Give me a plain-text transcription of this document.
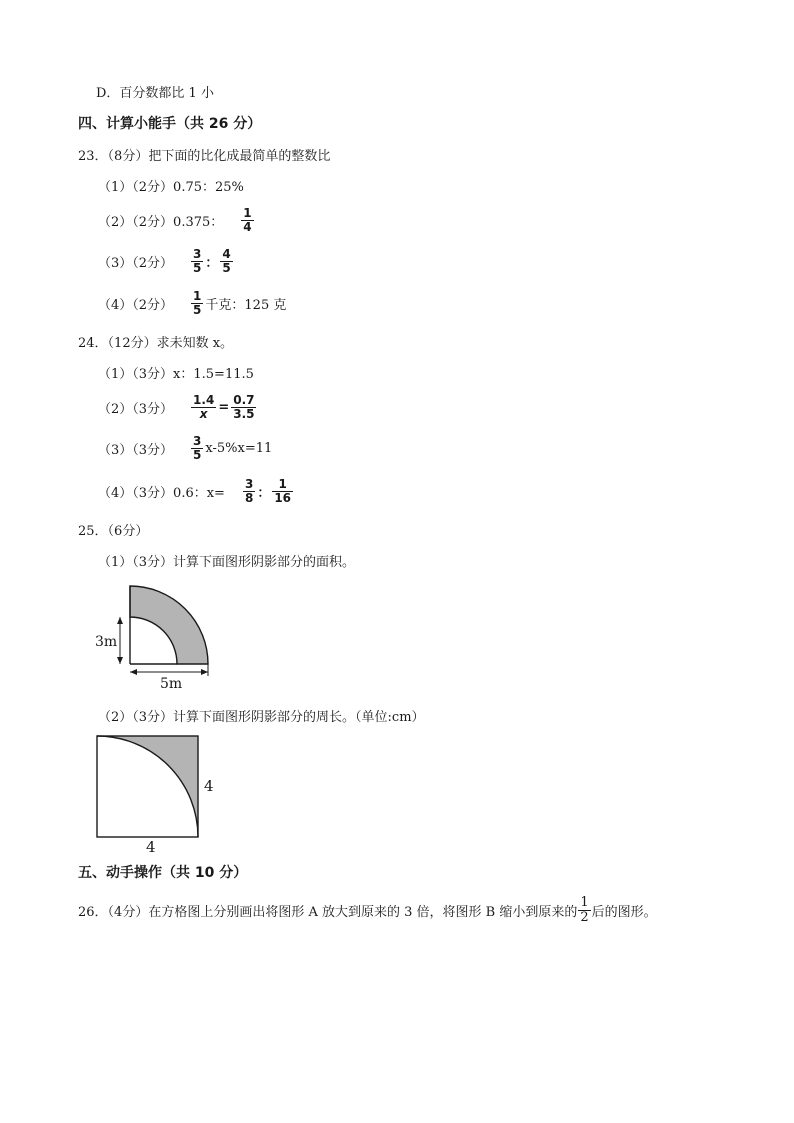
D．百分数都比 1 小
四、计算小能手（共 26 分）
23．（8分）把下面的比化成最简单的整数比
（1）（2分）0.75：25%
（2）（2分） 0.375： $\frac{1}{4}$
（3）（2分） $\frac{3}{5}$ ： $\frac{4}{5}$
（4）（2分） $\frac{1}{5}$ 千克：125 克
24．（12分）求未知数 x。
（1）（3分）x：1.5=11.5
（2）（3分） $\frac{1.4}{x} = \frac{0.7}{3.5}$
（3）（3分） $\frac{3}{5} x-5\%x=11$
（4）（3分） 0.6：$x= \frac{3}{8}$ ： $\frac{1}{16}$
25．（6分）
（1）（3分）计算下面图形阴影部分的面积。
3m
5m
（2）（3分）计算下面图形阴影部分的周长。（单位:cm）
4
4
五、动手操作（共 10 分）
26．（4分）在方格图上分别画出将图形 A 放大到原来的 3 倍，将图形 B 缩小到原来的 $\frac{1}{2}$ 后的图形。
